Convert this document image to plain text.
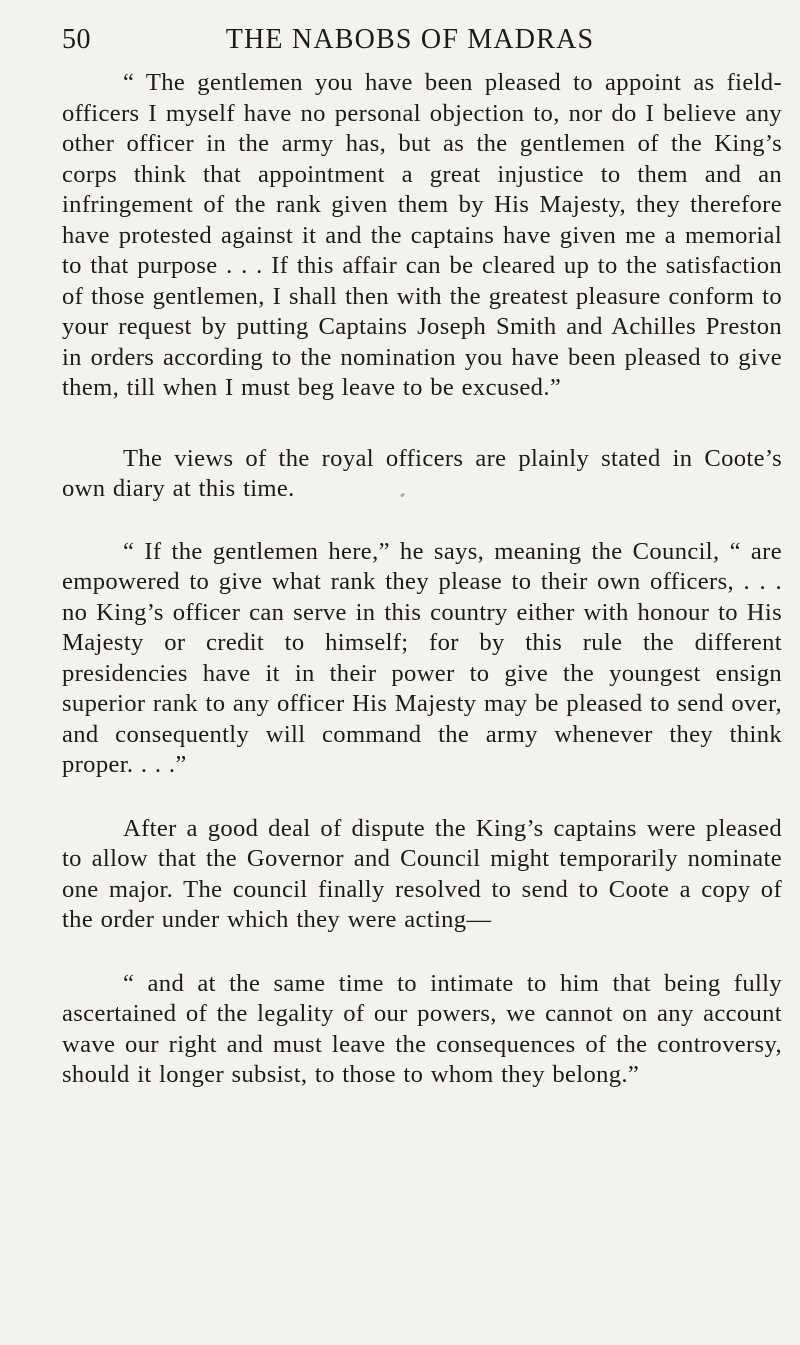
50	THE NABOBS OF MADRAS

“ The gentlemen you have been pleased to appoint as field-officers I myself have no personal objection to, nor do I believe any other officer in the army has, but as the gentlemen of the King’s corps think that appointment a great injustice to them and an infringement of the rank given them by His Majesty, they therefore have protested against it and the captains have given me a memorial to that purpose . . . If this affair can be cleared up to the satisfaction of those gentlemen, I shall then with the greatest pleasure conform to your request by putting Captains Joseph Smith and Achilles Preston in orders according to the nomination you have been pleased to give them, till when I must beg leave to be excused.”

The views of the royal officers are plainly stated in Coote’s own diary at this time.

“ If the gentlemen here,” he says, meaning the Council, “ are empowered to give what rank they please to their own officers, . . . no King’s officer can serve in this country either with honour to His Majesty or credit to himself; for by this rule the different presidencies have it in their power to give the youngest ensign superior rank to any officer His Majesty may be pleased to send over, and consequently will command the army whenever they think proper. . . .”

After a good deal of dispute the King’s captains were pleased to allow that the Governor and Council might temporarily nominate one major. The council finally resolved to send to Coote a copy of the order under which they were acting—

“ and at the same time to intimate to him that being fully ascertained of the legality of our powers, we cannot on any account wave our right and must leave the consequences of the controversy, should it longer subsist, to those to whom they belong.”
